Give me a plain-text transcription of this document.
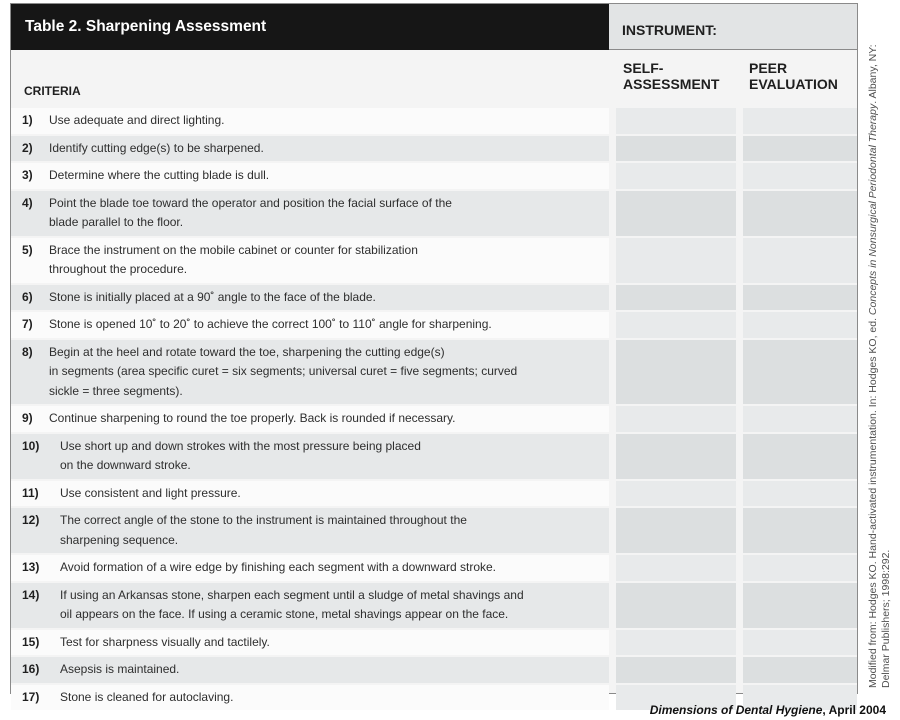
Table 2. Sharpening Assessment	INSTRUMENT:
CRITERIA
SELF-
ASSESSMENT
PEER
EVALUATION
1)	Use adequate and direct lighting.
2)	Identify cutting edge(s) to be sharpened.
3)	Determine where the cutting blade is dull.
4)	Point the blade toe toward the operator and position the facial surface of the
blade parallel to the floor.
5)	Brace the instrument on the mobile cabinet or counter for stabilization
throughout the procedure.
6)	Stone is initially placed at a 90˚ angle to the face of the blade.
7)	Stone is opened 10˚ to 20˚ to achieve the correct 100˚ to 110˚ angle for sharpening.
8)	Begin at the heel and rotate toward the toe, sharpening the cutting edge(s)
in segments (area specific curet = six segments; universal curet = five segments; curved
sickle = three segments).
9)	Continue sharpening to round the toe properly. Back is rounded if necessary.
10)	Use short up and down strokes with the most pressure being placed
on the downward stroke.
11)	Use consistent and light pressure.
12)	The correct angle of the stone to the instrument is maintained throughout the
sharpening sequence.
13)	Avoid formation of a wire edge by finishing each segment with a downward stroke.
14)	If using an Arkansas stone, sharpen each segment until a sludge of metal shavings and
oil appears on the face. If using a ceramic stone, metal shavings appear on the face.
15)	Test for sharpness visually and tactilely.
16)	Asepsis is maintained.
17)	Stone is cleaned for autoclaving.
Modified from: Hodges KO. Hand-activated instrumentation. In: Hodges KO, ed. Concepts in Nonsurgical Periodontal Therapy. Albany, NY: Delmar Publishers; 1998:292.
Dimensions of Dental Hygiene, April 2004
